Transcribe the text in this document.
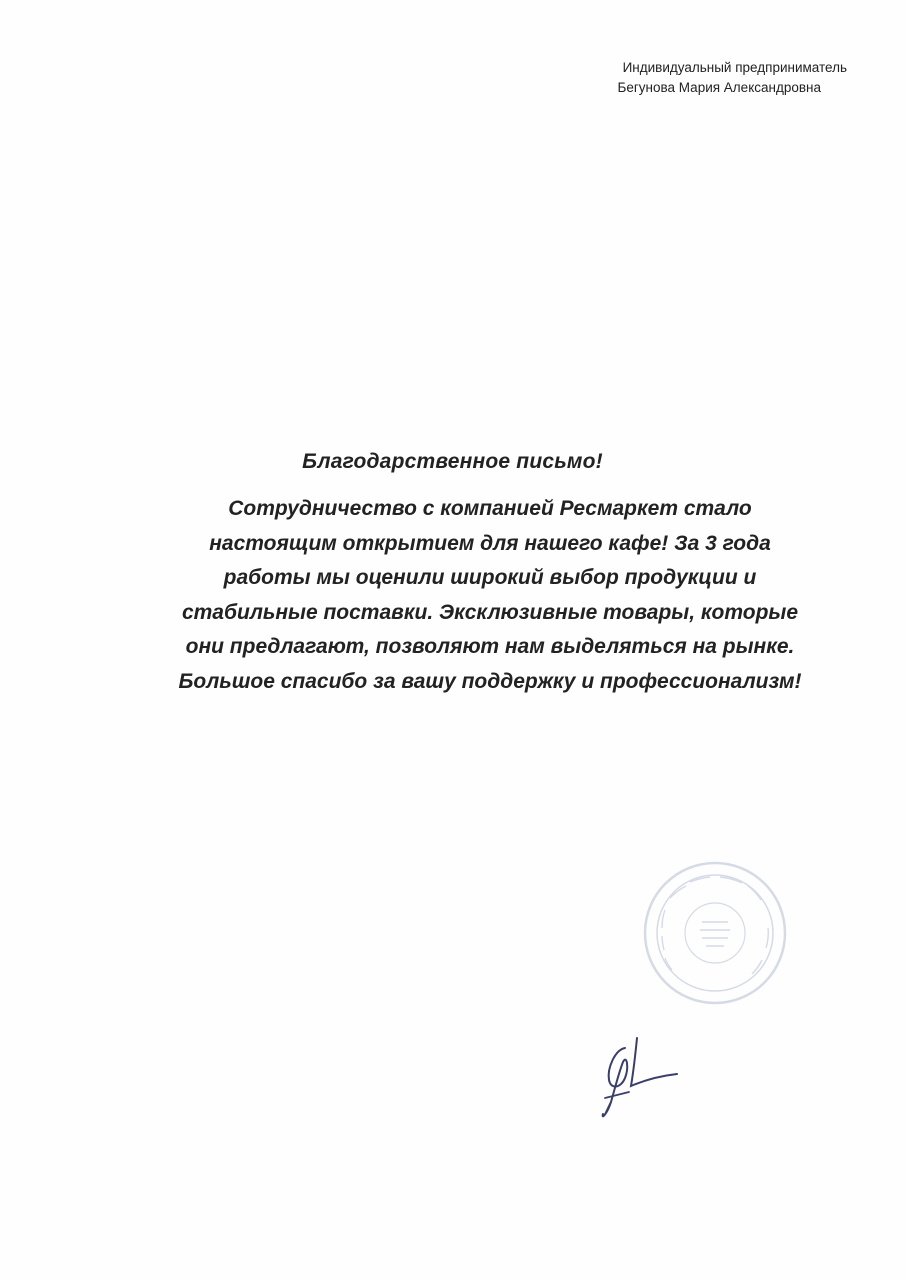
Индивидуальный предприниматель
Бегунова Мария Александровна
Благодарственное письмо!
Сотрудничество с компанией Ресмаркет стало
настоящим открытием для нашего кафе! За 3 года
работы мы оценили широкий выбор продукции и
стабильные поставки. Эксклюзивные товары, которые
они предлагают, позволяют нам выделяться на рынке.
Большое спасибо за вашу поддержку и профессионализм!
